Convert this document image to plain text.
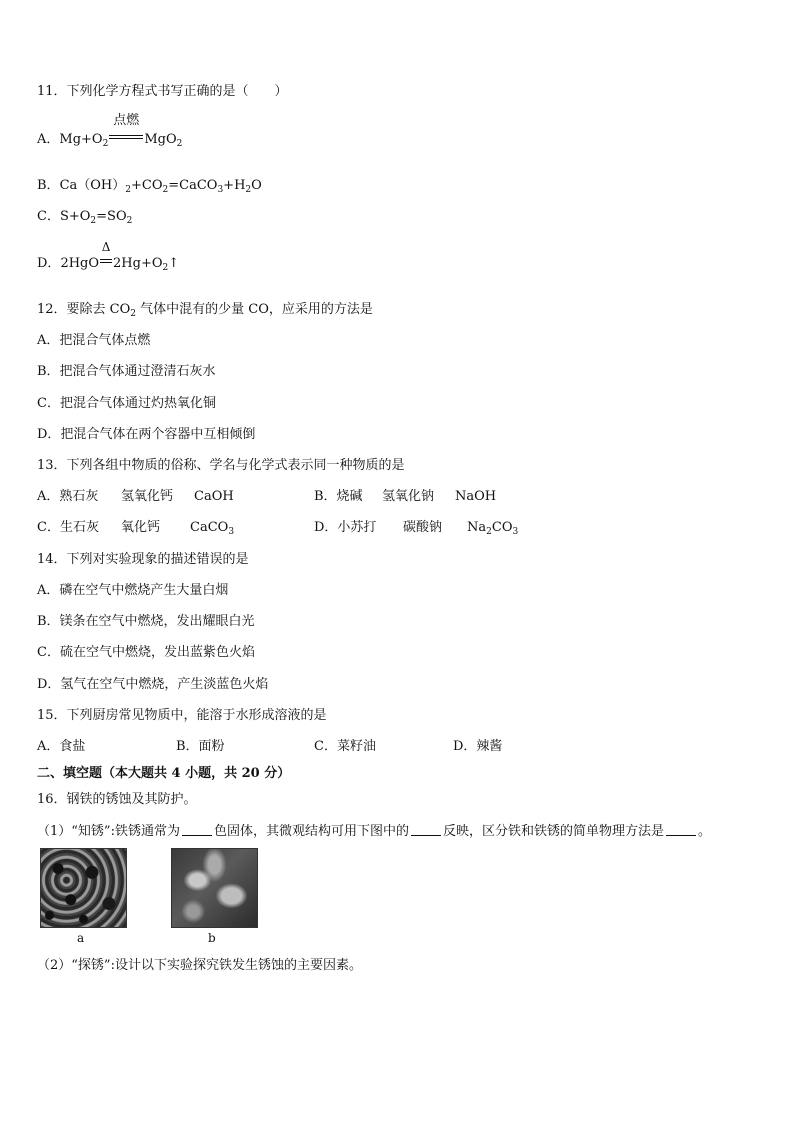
11．下列化学方程式书写正确的是（　　）
A．$Mg+O_2$
点燃
MgO$_2$
B．$Ca(OH)_2+CO_2=CaCO_3+H_2O$
C．$S+O_2=SO_2$
D．2HgO
Δ
$2Hg+O_2↑$
12．要除去 $CO_2$ 气体中混有的少量 CO，应采用的方法是
A．把混合气体点燃
B．把混合气体通过澄清石灰水
C．把混合气体通过灼热氧化铜
D．把混合气体在两个容器中互相倾倒
13．下列各组中物质的俗称、学名与化学式表示同一种物质的是
A．熟石灰 氢氧化钙 CaOH	B．烧碱 氢氧化钠 NaOH
C．生石灰 氧化钙 CaCO$_3$	D．小苏打 碳酸钠 $Na_2CO_3$
14．下列对实验现象的描述错误的是
A．磷在空气中燃烧产生大量白烟
B．镁条在空气中燃烧，发出耀眼白光
C．硫在空气中燃烧，发出蓝紫色火焰
D．氢气在空气中燃烧，产生淡蓝色火焰
15．下列厨房常见物质中，能溶于水形成溶液的是
A．食盐	B．面粉	C．菜籽油	D．辣酱
二、填空题（本大题共 4 小题，共 20 分）
16．钢铁的锈蚀及其防护。
（1）“知锈”:铁锈通常为	色固体，其微观结构可用下图中的	反映，区分铁和铁锈的简单物理方法是	。
a	b
（2）“探锈”:设计以下实验探究铁发生锈蚀的主要因素。
